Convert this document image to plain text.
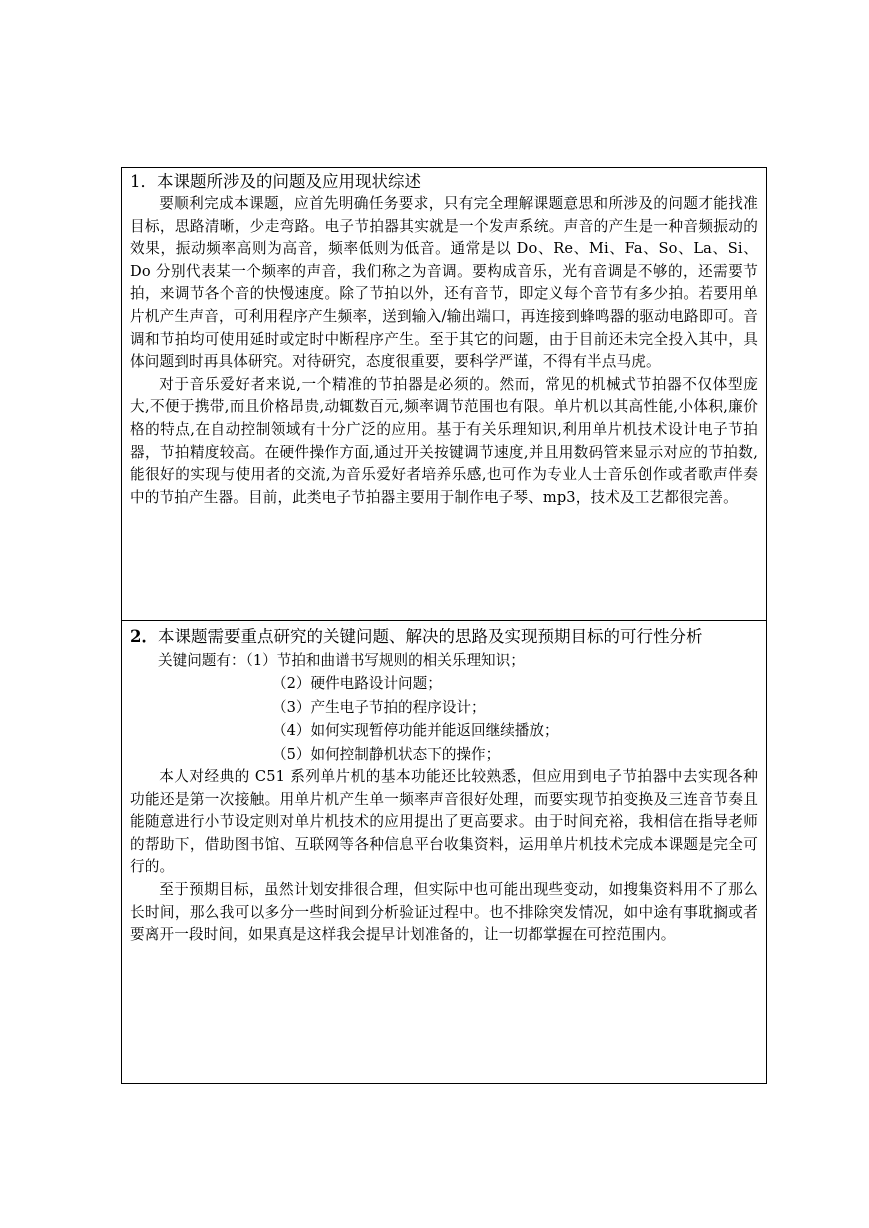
1．本课题所涉及的问题及应用现状综述

要顺利完成本课题，应首先明确任务要求，只有完全理解课题意思和所涉及的问题才能找准目标，思路清晰，少走弯路。电子节拍器其实就是一个发声系统。声音的产生是一种音频振动的效果，振动频率高则为高音，频率低则为低音。通常是以 Do、Re、Mi、Fa、So、La、Si、Do 分别代表某一个频率的声音，我们称之为音调。要构成音乐，光有音调是不够的，还需要节拍，来调节各个音的快慢速度。除了节拍以外，还有音节，即定义每个音节有多少拍。若要用单片机产生声音，可利用程序产生频率，送到输入/输出端口，再连接到蜂鸣器的驱动电路即可。音调和节拍均可使用延时或定时中断程序产生。至于其它的问题，由于目前还未完全投入其中，具体问题到时再具体研究。对待研究，态度很重要，要科学严谨，不得有半点马虎。

对于音乐爱好者来说,一个精准的节拍器是必须的。然而，常见的机械式节拍器不仅体型庞大,不便于携带,而且价格昂贵,动辄数百元,频率调节范围也有限。单片机以其高性能,小体积,廉价格的特点,在自动控制领域有十分广泛的应用。基于有关乐理知识,利用单片机技术设计电子节拍器，节拍精度较高。在硬件操作方面,通过开关按键调节速度,并且用数码管来显示对应的节拍数,能很好的实现与使用者的交流,为音乐爱好者培养乐感,也可作为专业人士音乐创作或者歌声伴奏中的节拍产生器。目前，此类电子节拍器主要用于制作电子琴、mp3，技术及工艺都很完善。

2．本课题需要重点研究的关键问题、解决的思路及实现预期目标的可行性分析

关键问题有：（1）节拍和曲谱书写规则的相关乐理知识；
（2）硬件电路设计问题；
（3）产生电子节拍的程序设计；
（4）如何实现暂停功能并能返回继续播放；
（5）如何控制静机状态下的操作；

本人对经典的 C51 系列单片机的基本功能还比较熟悉，但应用到电子节拍器中去实现各种功能还是第一次接触。用单片机产生单一频率声音很好处理，而要实现节拍变换及三连音节奏且能随意进行小节设定则对单片机技术的应用提出了更高要求。由于时间充裕，我相信在指导老师的帮助下，借助图书馆、互联网等各种信息平台收集资料，运用单片机技术完成本课题是完全可行的。

至于预期目标，虽然计划安排很合理，但实际中也可能出现些变动，如搜集资料用不了那么长时间，那么我可以多分一些时间到分析验证过程中。也不排除突发情况，如中途有事耽搁或者要离开一段时间，如果真是这样我会提早计划准备的，让一切都掌握在可控范围内。
